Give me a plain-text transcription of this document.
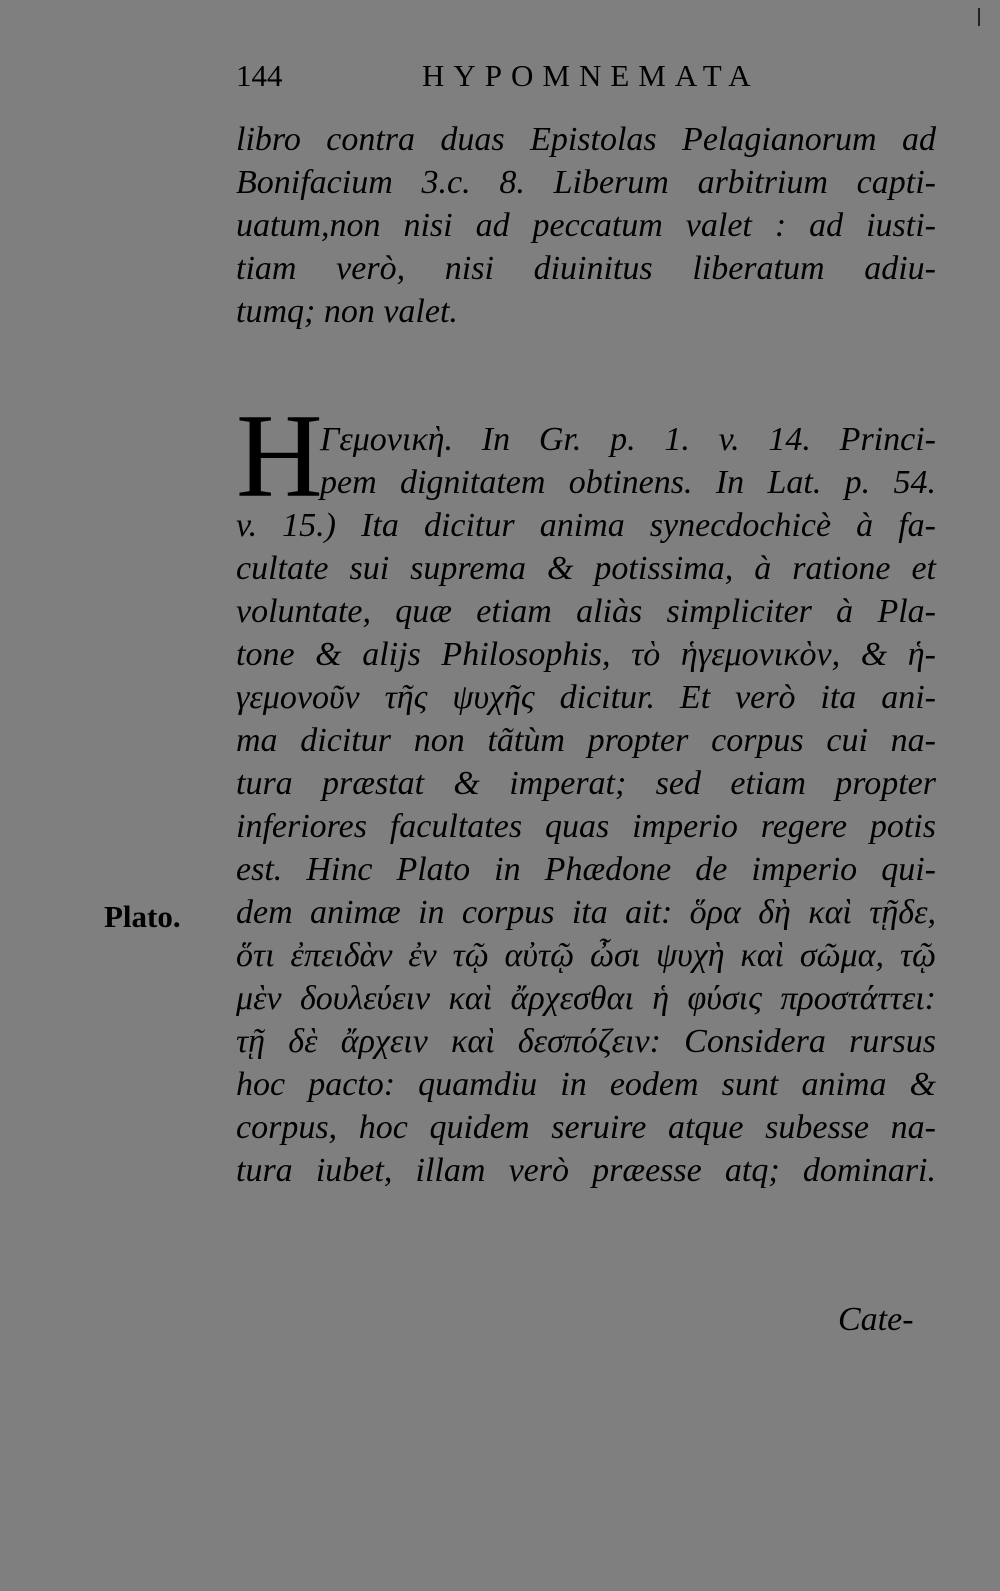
144	HYPOMNEMATA
libro contra duas Epistolas Pelagianorum ad
Bonifacium 3.c. 8. Liberum arbitrium capti-
uatum,non nisi ad peccatum valet : ad iusti-
tiam verò, nisi diuinitus liberatum adiu-
tumq; non valet.
H
Γεμονικὴ. In Gr. p. 1. v. 14. Princi-
pem dignitatem obtinens. In Lat. p. 54.
v. 15.) Ita dicitur anima synecdochicè à fa-
cultate sui suprema & potissima, à ratione et
voluntate, quæ etiam aliàs simpliciter à Pla-
tone & alijs Philosophis, τὸ ἡγεμονικὸν, & ἡ-
γεμονοῦν τῆς ψυχῆς dicitur. Et verò ita ani-
ma dicitur non tãtùm propter corpus cui na-
tura præstat & imperat; sed etiam propter
inferiores facultates quas imperio regere potis
est. Hinc Plato in Phædone de imperio qui-
dem animæ in corpus ita ait: ὅρα δὴ καὶ τῇδε,
ὅτι ἐπειδὰν ἐν τῷ αὐτῷ ὦσι ψυχὴ καὶ σῶμα, τῷ
μὲν δουλεύειν καὶ ἄρχεσθαι ἡ φύσις προστάττει:
τῇ δὲ ἄρχειν καὶ δεσπόζειν: Considera rursus
hoc pacto: quamdiu in eodem sunt anima &
corpus, hoc quidem seruire atque subesse na-
tura iubet, illam verò præesse atq; dominari.
Plato.
Cate-
